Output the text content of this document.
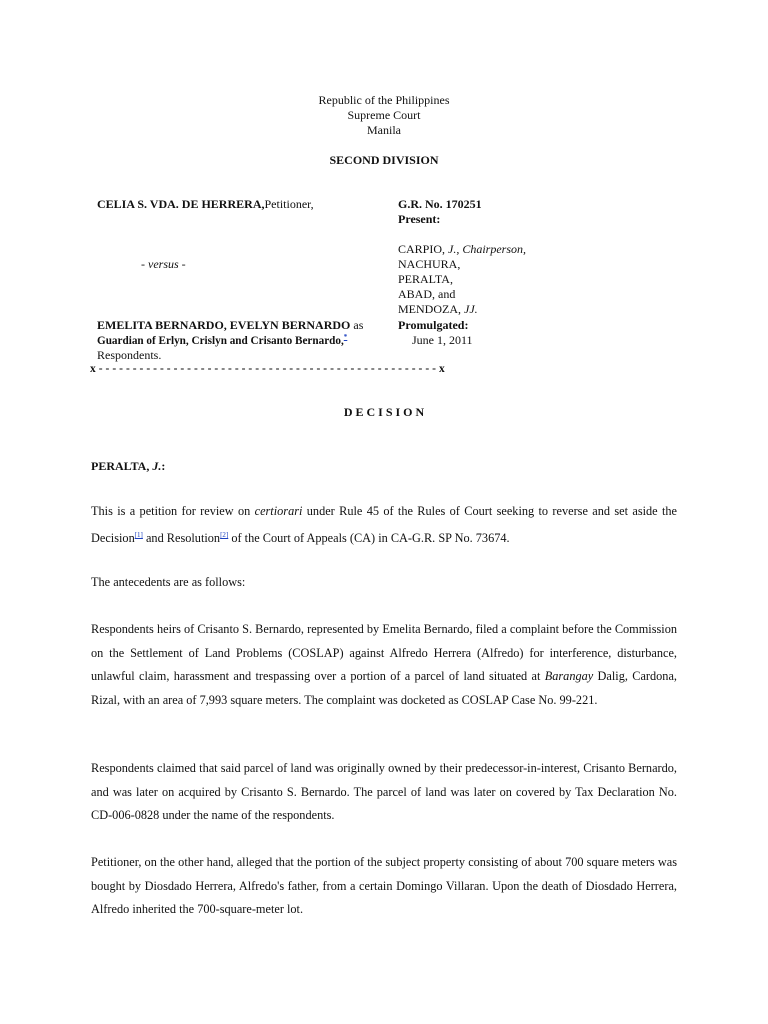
Republic of the Philippines
Supreme Court
Manila
SECOND DIVISION
CELIA S. VDA. DE HERRERA,Petitioner,	G.R. No. 170251
Present:
CARPIO, J., Chairperson,
NACHURA,
PERALTA,
ABAD, and
MENDOZA, JJ.
- versus -
EMELITA BERNARDO, EVELYN BERNARDO as	Promulgated:
Guardian of Erlyn, Crislyn and Crisanto Bernardo,*	June 1, 2011
Respondents.
x - - - - - - - - - - - - - - - - - - - - - - - - - - - - - - - - - - - - - - - - - - - - - - - - - - x
D E C I S I O N
PERALTA, J.:
This is a petition for review on certiorari under Rule 45 of the Rules of Court seeking to reverse and set aside the Decision[1] and Resolution[2] of the Court of Appeals (CA) in CA-G.R. SP No. 73674.
The antecedents are as follows:
Respondents heirs of Crisanto S. Bernardo, represented by Emelita Bernardo, filed a complaint before the Commission on the Settlement of Land Problems (COSLAP) against Alfredo Herrera (Alfredo) for interference, disturbance, unlawful claim, harassment and trespassing over a portion of a parcel of land situated at Barangay Dalig, Cardona, Rizal, with an area of 7,993 square meters. The complaint was docketed as COSLAP Case No. 99-221.
Respondents claimed that said parcel of land was originally owned by their predecessor-in-interest, Crisanto Bernardo, and was later on acquired by Crisanto S. Bernardo. The parcel of land was later on covered by Tax Declaration No. CD-006-0828 under the name of the respondents.
Petitioner, on the other hand, alleged that the portion of the subject property consisting of about 700 square meters was bought by Diosdado Herrera, Alfredo's father, from a certain Domingo Villaran. Upon the death of Diosdado Herrera, Alfredo inherited the 700-square-meter lot.
